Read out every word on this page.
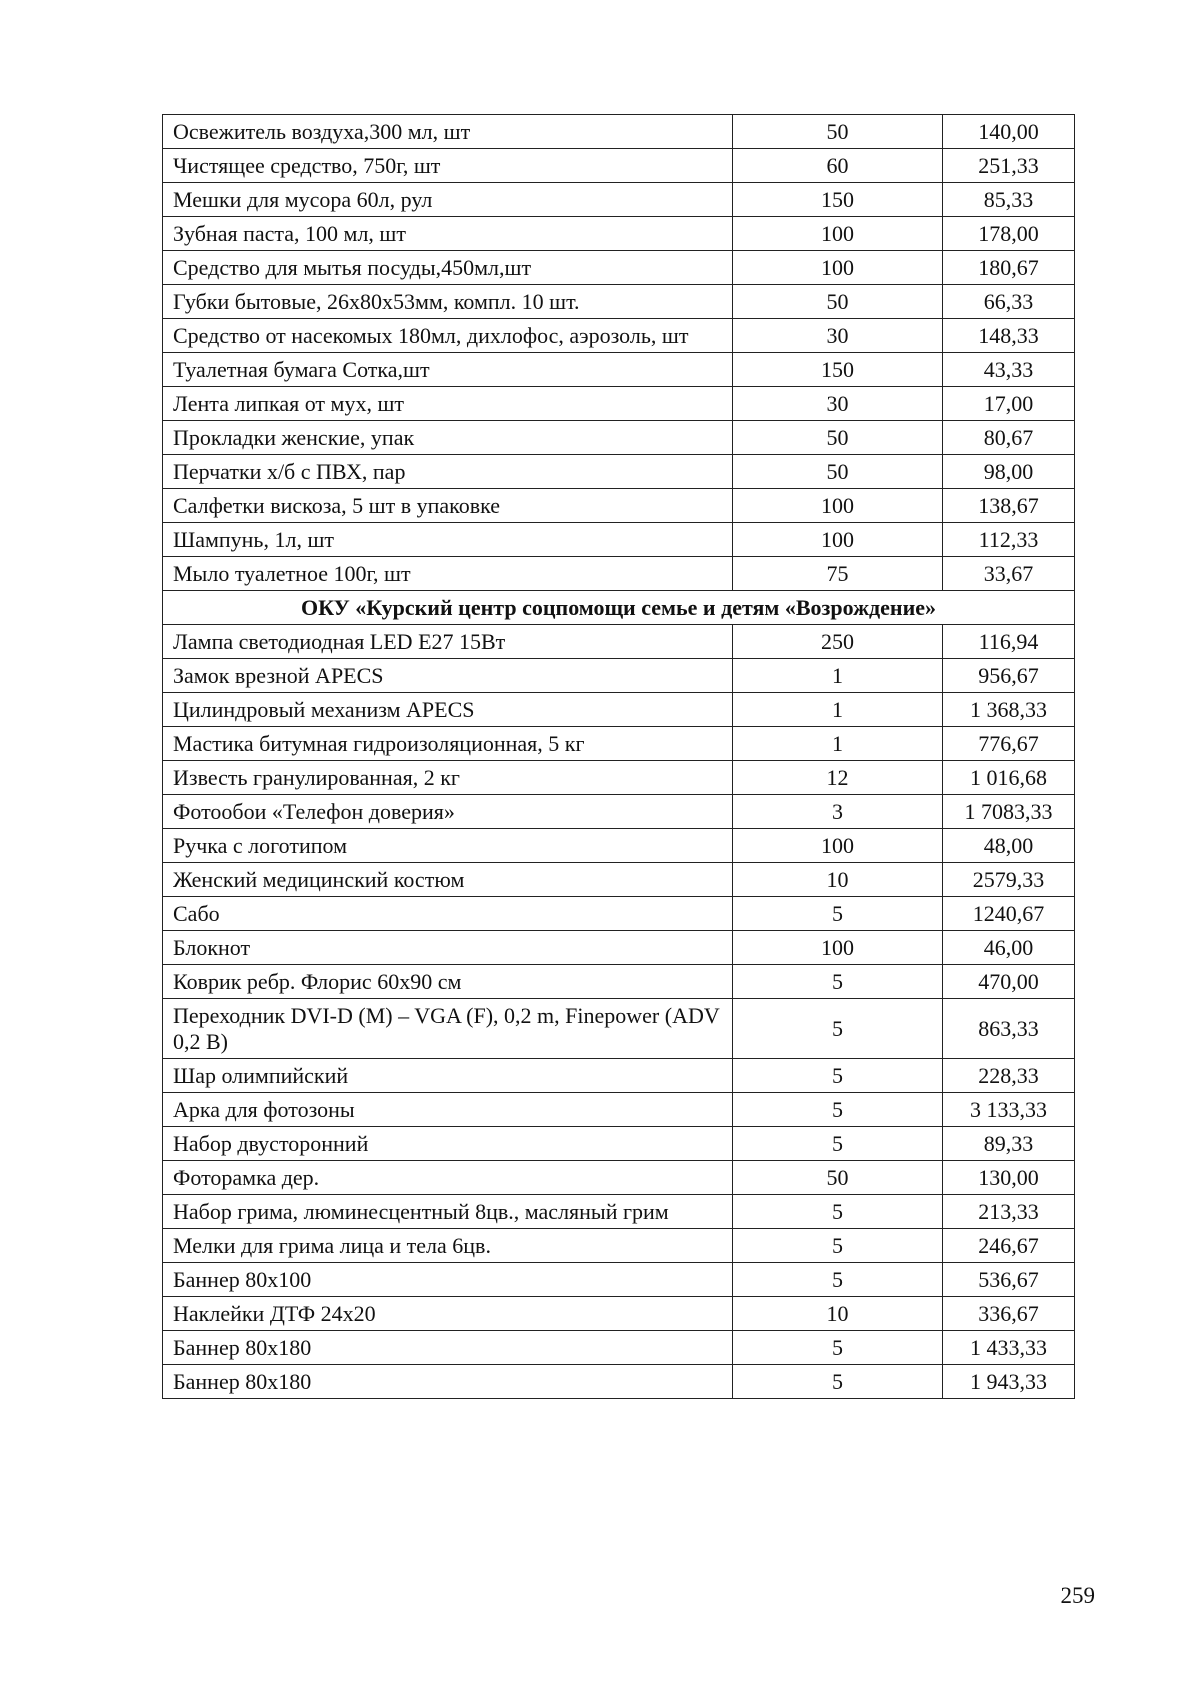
Освежитель воздуха,300 мл, шт	50	140,00
Чистящее средство, 750г, шт	60	251,33
Мешки для мусора 60л, рул	150	85,33
Зубная паста, 100 мл, шт	100	178,00
Средство для мытья посуды,450мл,шт	100	180,67
Губки бытовые, 26х80х53мм, компл. 10 шт.	50	66,33
Средство от насекомых 180мл, дихлофос, аэрозоль, шт	30	148,33
Туалетная бумага Сотка,шт	150	43,33
Лента липкая от мух, шт	30	17,00
Прокладки женские, упак	50	80,67
Перчатки х/б с ПВХ, пар	50	98,00
Салфетки вискоза, 5 шт в упаковке	100	138,67
Шампунь, 1л, шт	100	112,33
Мыло туалетное 100г, шт	75	33,67
ОКУ «Курский центр соцпомощи семье и детям «Возрождение»		
Лампа светодиодная LED E27 15Вт	250	116,94
Замок врезной APECS	1	956,67
Цилиндровый механизм APECS	1	1 368,33
Мастика битумная гидроизоляционная, 5 кг	1	776,67
Известь гранулированная, 2 кг	12	1 016,68
Фотообои «Телефон доверия»	3	1 7083,33
Ручка с логотипом	100	48,00
Женский медицинский костюм	10	2579,33
Сабо	5	1240,67
Блокнот	100	46,00
Коврик ребр. Флорис 60х90 см	5	470,00
Переходник DVI-D (M) – VGA (F), 0,2 m, Finepower (ADV 0,2 B)	5	863,33
Шар олимпийский	5	228,33
Арка для фотозоны	5	3 133,33
Набор двусторонний	5	89,33
Фоторамка дер.	50	130,00
Набор грима, люминесцентный 8цв., масляный грим	5	213,33
Мелки для грима лица и тела 6цв.	5	246,67
Баннер 80х100	5	536,67
Наклейки ДТФ 24х20	10	336,67
Баннер 80х180	5	1 433,33
Баннер 80х180	5	1 943,33
259
